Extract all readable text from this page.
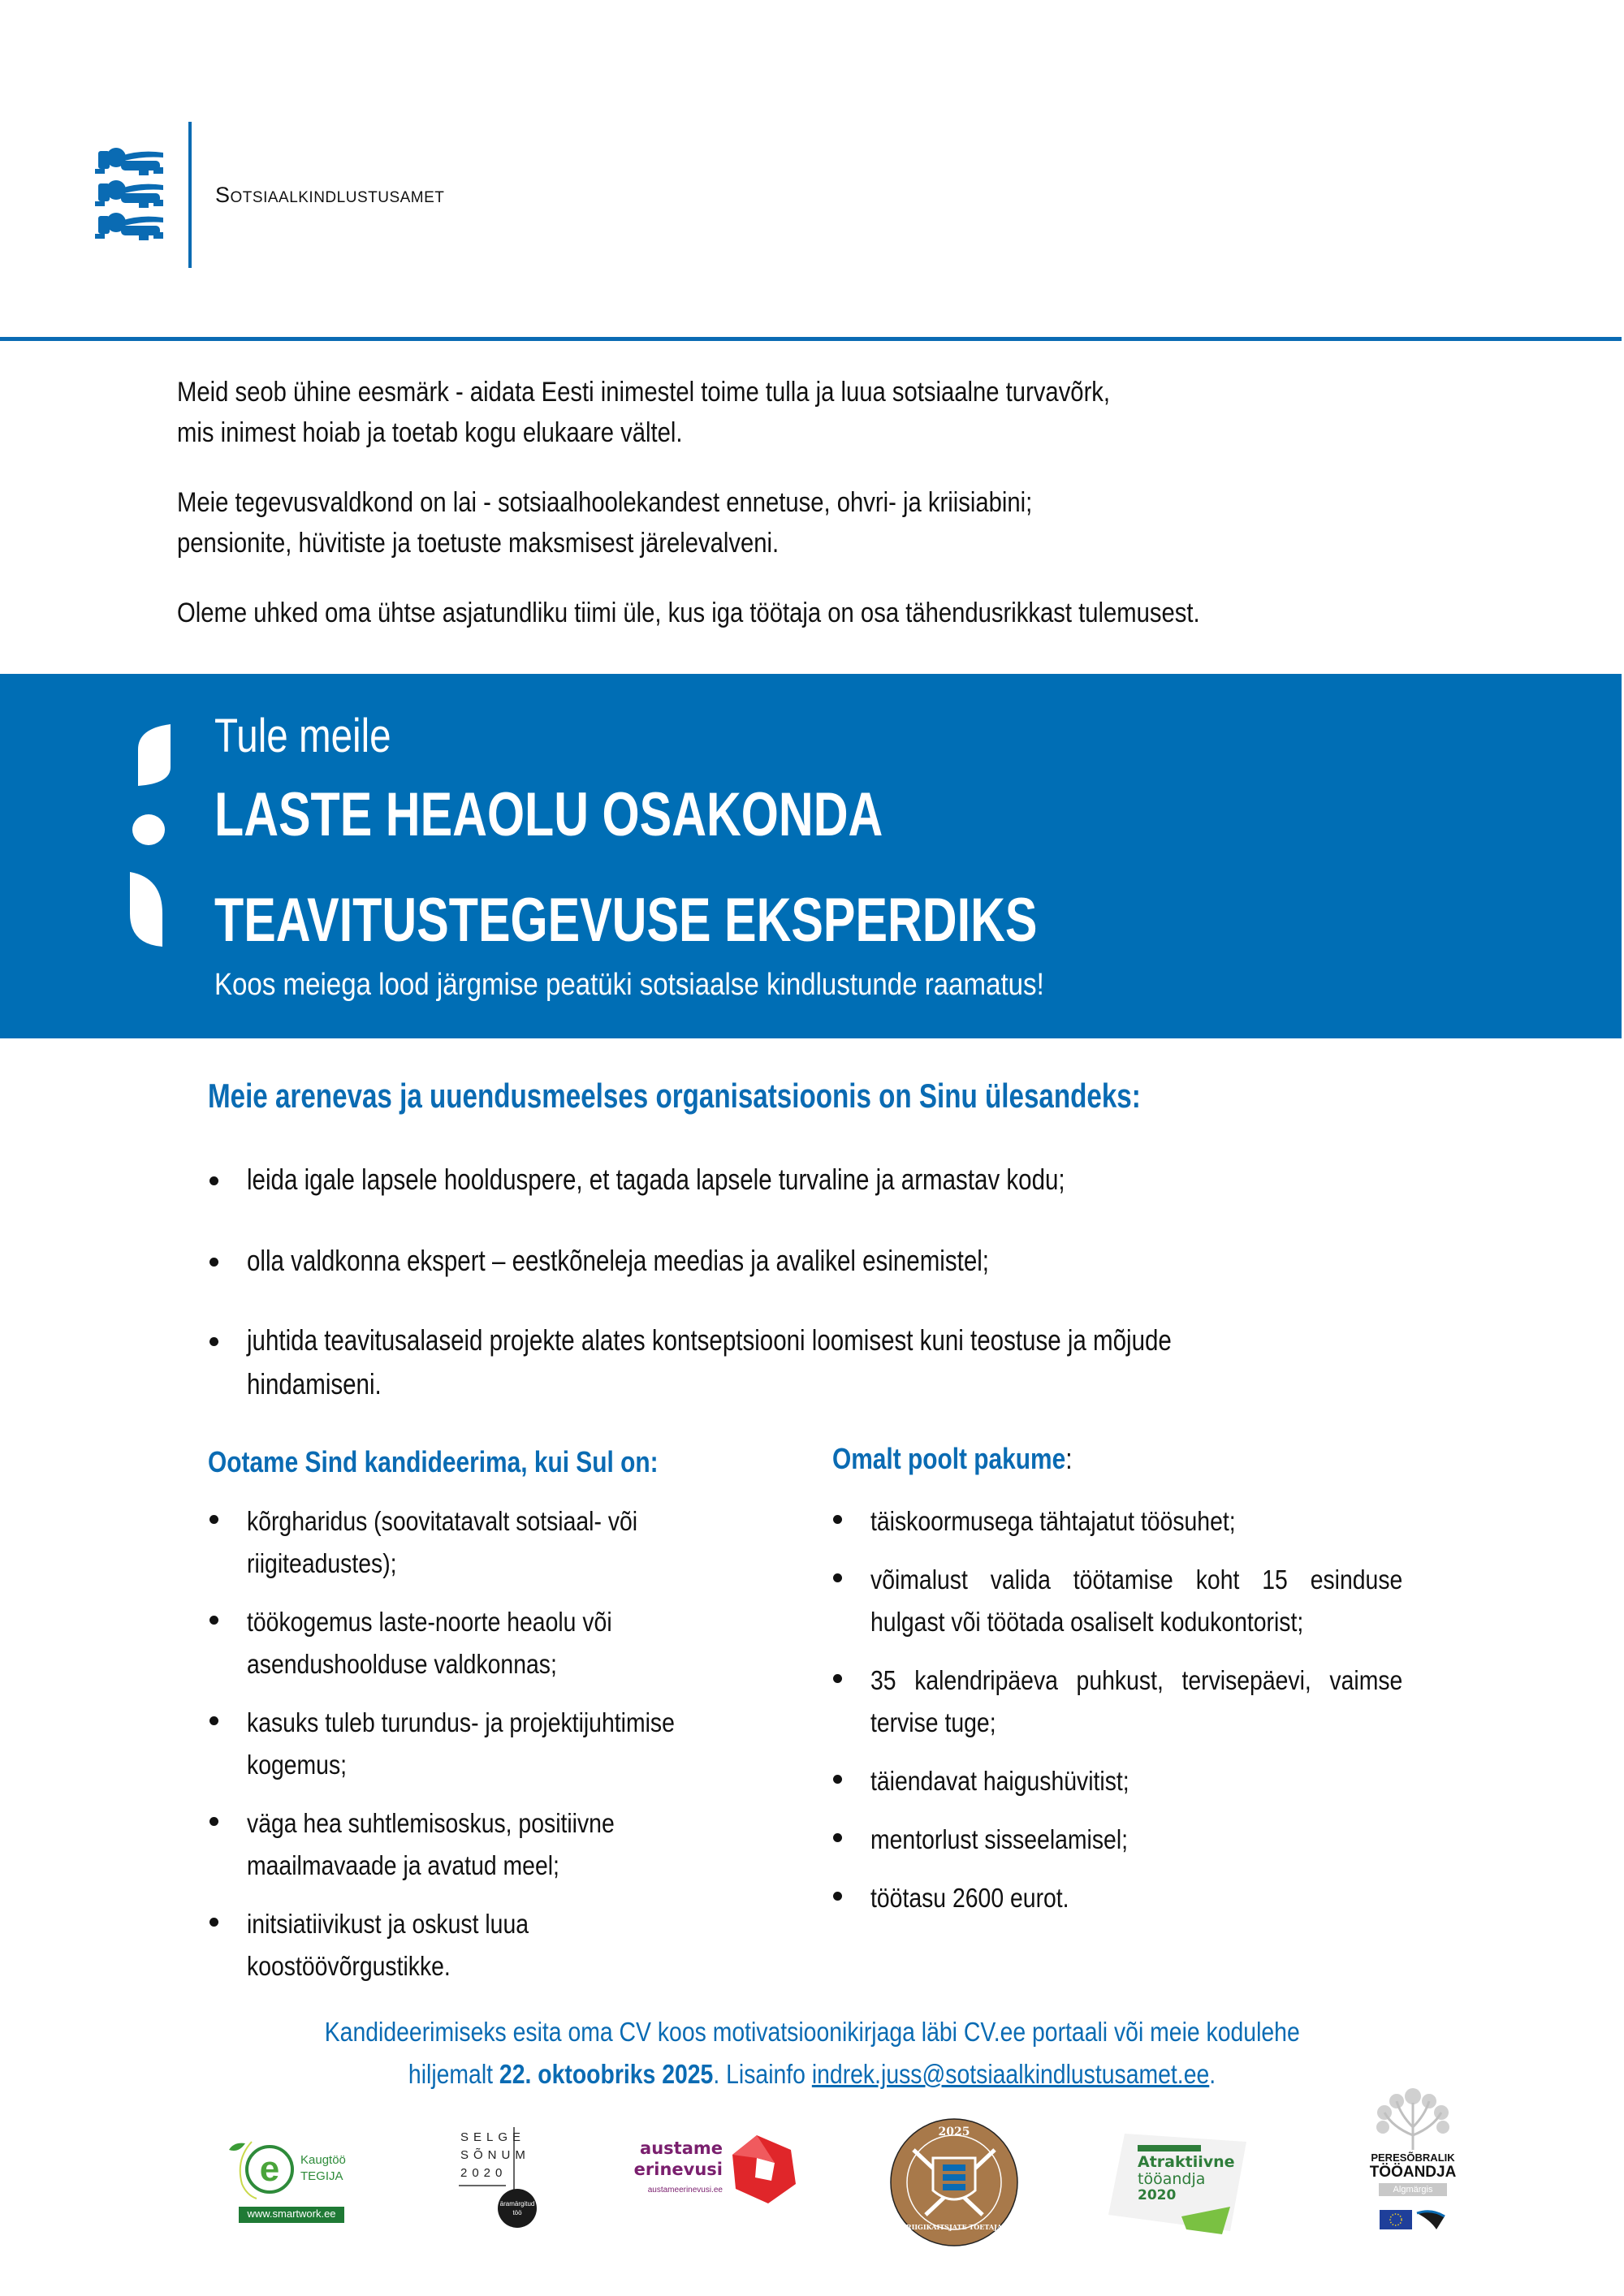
Sotsiaalkindlustusamet
Meid seob ühine eesmärk - aidata Eesti inimestel toime tulla ja luua sotsiaalne turvavõrk,
mis inimest hoiab ja toetab kogu elukaare vältel.
Meie tegevusvaldkond on lai - sotsiaalhoolekandest ennetuse, ohvri- ja kriisiabini;
pensionite, hüvitiste ja toetuste maksmisest järelevalveni.
Oleme uhked oma ühtse asjatundliku tiimi üle, kus iga töötaja on osa tähendusrikkast tulemusest.
Tule meile
LASTE HEAOLU OSAKONDA
TEAVITUSTEGEVUSE EKSPERDIKS
Koos meiega lood järgmise peatüki sotsiaalse kindlustunde raamatus!
Meie arenevas ja uuendusmeelses organisatsioonis on Sinu ülesandeks:
leida igale lapsele hoolduspere, et tagada lapsele turvaline ja armastav kodu;
olla valdkonna ekspert – eestkõneleja meedias ja avalikel esinemistel;
juhtida teavitusalaseid projekte alates kontseptsiooni loomisest kuni teostuse ja mõjude
hindamiseni.
Ootame Sind kandideerima, kui Sul on:
kõrgharidus (soovitatavalt sotsiaal- või
riigiteadustes);
töökogemus laste-noorte heaolu või
asendushoolduse valdkonnas;
kasuks tuleb turundus- ja projektijuhtimise
kogemus;
väga hea suhtlemisoskus, positiivne
maailmavaade ja avatud meel;
initsiatiivikust ja oskust luua
koostöövõrgustikke.
Omalt poolt pakume:
täiskoormusega tähtajatut töösuhet;
võimalust valida töötamise koht 15 esinduse
hulgast või töötada osaliselt kodukontorist;
35 kalendripäeva puhkust, tervisepäevi, vaimse
tervise tuge;
täiendavat haigushüvitist;
mentorlust sisseelamisel;
töötasu 2600 eurot.
Kandideerimiseks esita oma CV koos motivatsioonikirjaga läbi CV.ee portaali või meie kodulehe
hiljemalt 22. oktoobriks 2025. Lisainfo indrek.juss@sotsiaalkindlustusamet.ee.
e Kaugtöö
TEGIJA
www.smartwork.ee
SELGE
SÕNUM
2020
äramärgitud
töö
austame
erinevusi
austameerinevusi.ee
2025
RIIGIKAITSJATE TOETAJA
Atraktiivne
tööandja
2020
PERESÕBRALIK
TÖÖANDJA
Algmärgis
